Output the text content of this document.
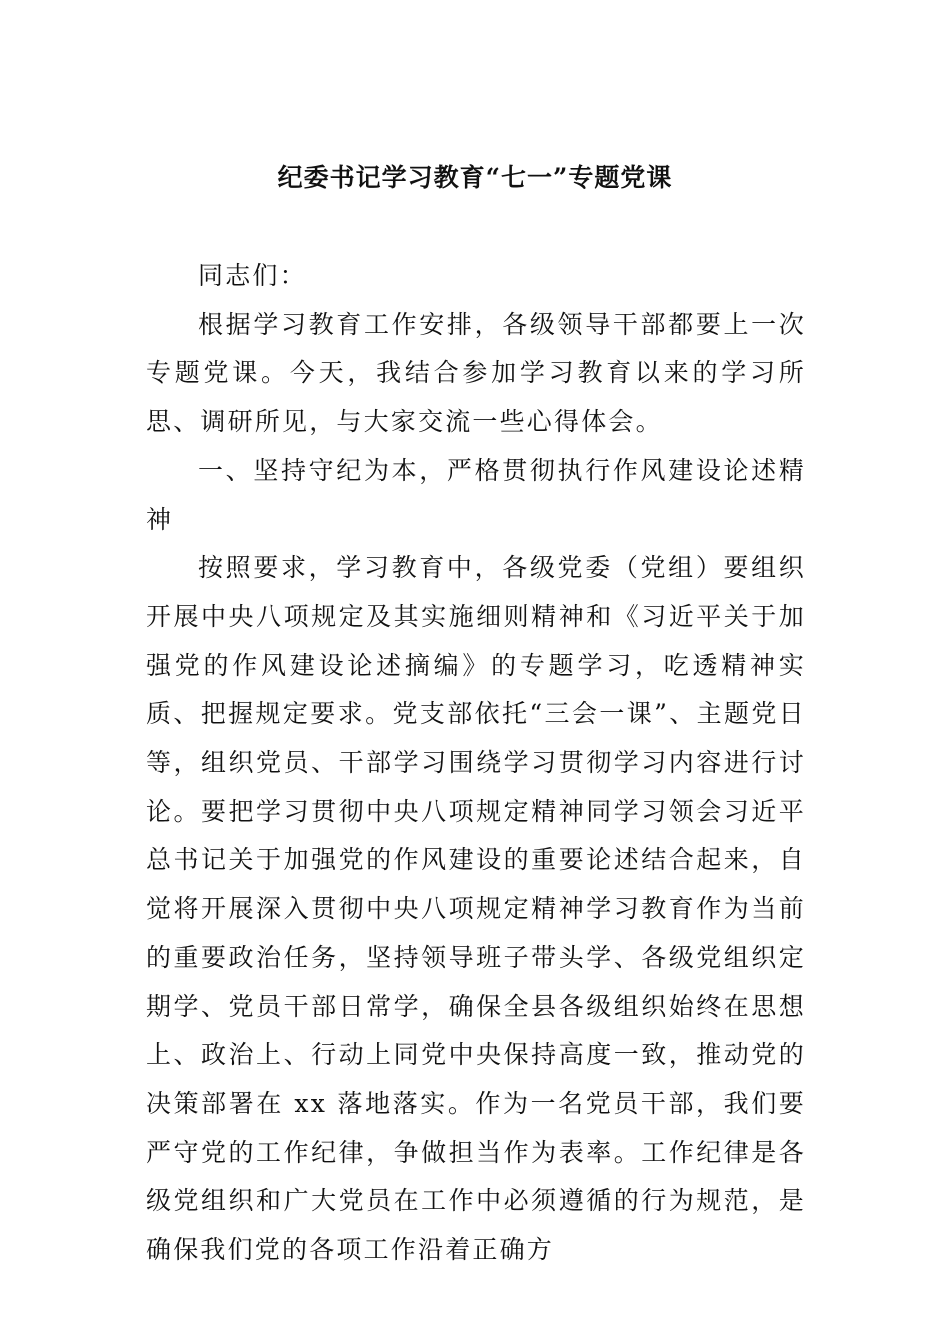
纪委书记学习教育“七一”专题党课

同志们：

根据学习教育工作安排，各级领导干部都要上一次专题党课。今天，我结合参加学习教育以来的学习所思、调研所见，与大家交流一些心得体会。

一、坚持守纪为本，严格贯彻执行作风建设论述精神

按照要求，学习教育中，各级党委（党组）要组织开展中央八项规定及其实施细则精神和《习近平关于加强党的作风建设论述摘编》的专题学习，吃透精神实质、把握规定要求。党支部依托“三会一课”、主题党日等，组织党员、干部学习围绕学习贯彻学习内容进行讨论。要把学习贯彻中央八项规定精神同学习领会习近平总书记关于加强党的作风建设的重要论述结合起来，自觉将开展深入贯彻中央八项规定精神学习教育作为当前的重要政治任务，坚持领导班子带头学、各级党组织定期学、党员干部日常学，确保全县各级组织始终在思想上、政治上、行动上同党中央保持高度一致，推动党的决策部署在 xx 落地落实。作为一名党员干部，我们要严守党的工作纪律，争做担当作为表率。工作纪律是各级党组织和广大党员在工作中必须遵循的行为规范，是确保我们党的各项工作沿着正确方
